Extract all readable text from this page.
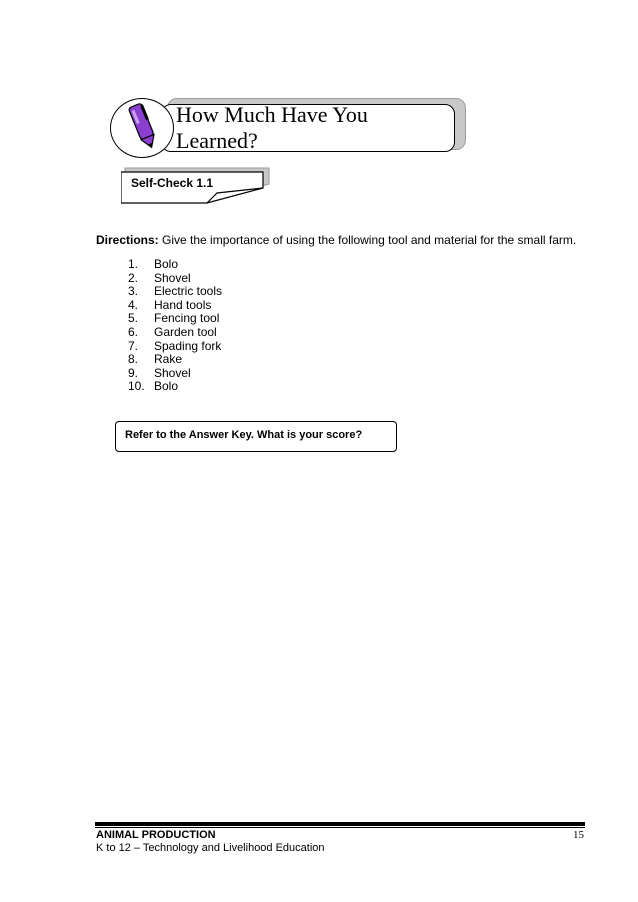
How Much Have You Learned?
Self-Check 1.1
Directions: Give the importance of using the following tool and material for the small farm.
1. Bolo
2. Shovel
3. Electric tools
4. Hand tools
5. Fencing tool
6. Garden tool
7. Spading fork
8. Rake
9. Shovel
10. Bolo
Refer to the Answer Key. What is your score?
ANIMAL PRODUCTION	15
K to 12 – Technology and Livelihood Education
